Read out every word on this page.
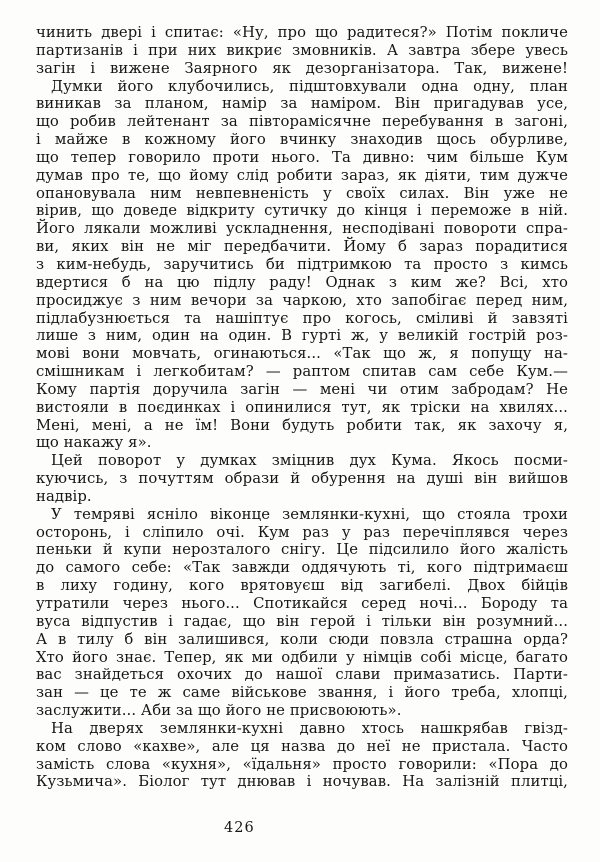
чинить двері і спитає: «Ну, про що радитеся?» Потім покличе
партизанів і при них викриє змовників. А завтра збере увесь
загін і вижене Заярного як дезорганізатора. Так, вижене!
Думки його клубочились, підштовхували одна одну, план
виникав за планом, намір за наміром. Він пригадував усе,
що робив лейтенант за півторамісячне перебування в загоні,
і майже в кожному його вчинку знаходив щось обурливе,
що тепер говорило проти нього. Та дивно: чим більше Кум
думав про те, що йому слід робити зараз, як діяти, тим дужче
опановувала ним невпевненість у своїх силах. Він уже не
вірив, що доведе відкриту сутичку до кінця і переможе в ній.
Його лякали можливі ускладнення, несподівані повороти спра-
ви, яких він не міг передбачити. Йому б зараз порадитися
з ким-небудь, заручитись би підтримкою та просто з кимсь
вдертися б на цю підлу раду! Однак з ким же? Всі, хто
просиджує з ним вечори за чаркою, хто запобігає перед ним,
підлабузнюється та нашіптує про когось, сміливі й завзяті
лише з ним, один на один. В гурті ж, у великій гострій роз-
мові вони мовчать, огинаються... «Так що ж, я попущу на-
смішникам і легкобитам? — раптом спитав сам себе Кум.—
Кому партія доручила загін — мені чи отим забродам? Не
вистояли в поєдинках і опинилися тут, як тріски на хвилях...
Мені, мені, а не їм! Вони будуть робити так, як захочу я,
що накажу я».
Цей поворот у думках зміцнив дух Кума. Якось посми-
куючись, з почуттям образи й обурення на душі він вийшов
надвір.
У темряві ясніло віконце землянки-кухні, що стояла трохи
осторонь, і сліпило очі. Кум раз у раз перечіплявся через
пеньки й купи нерозталого снігу. Це підсилило його жалість
до самого себе: «Так завжди оддячують ті, кого підтримаєш
в лиху годину, кого врятовуєш від загибелі. Двох бійців
утратили через нього... Спотикайся серед ночі... Бороду та
вуса відпустив і гадає, що він герой і тільки він розумний...
А в тилу б він залишився, коли сюди повзла страшна орда?
Хто його знає. Тепер, як ми одбили у німців собі місце, багато
вас знайдеться охочих до нашої слави примазатись. Парти-
зан — це те ж саме військове звання, і його треба, хлопці,
заслужити... Аби за що його не присвоюють».
На дверях землянки-кухні давно хтось нашкрябав гвізд-
ком слово «кахве», але ця назва до неї не пристала. Часто
замість слова «кухня», «їдальня» просто говорили: «Пора до
Кузьмича». Біолог тут днював і ночував. На залізній плитці,
426
